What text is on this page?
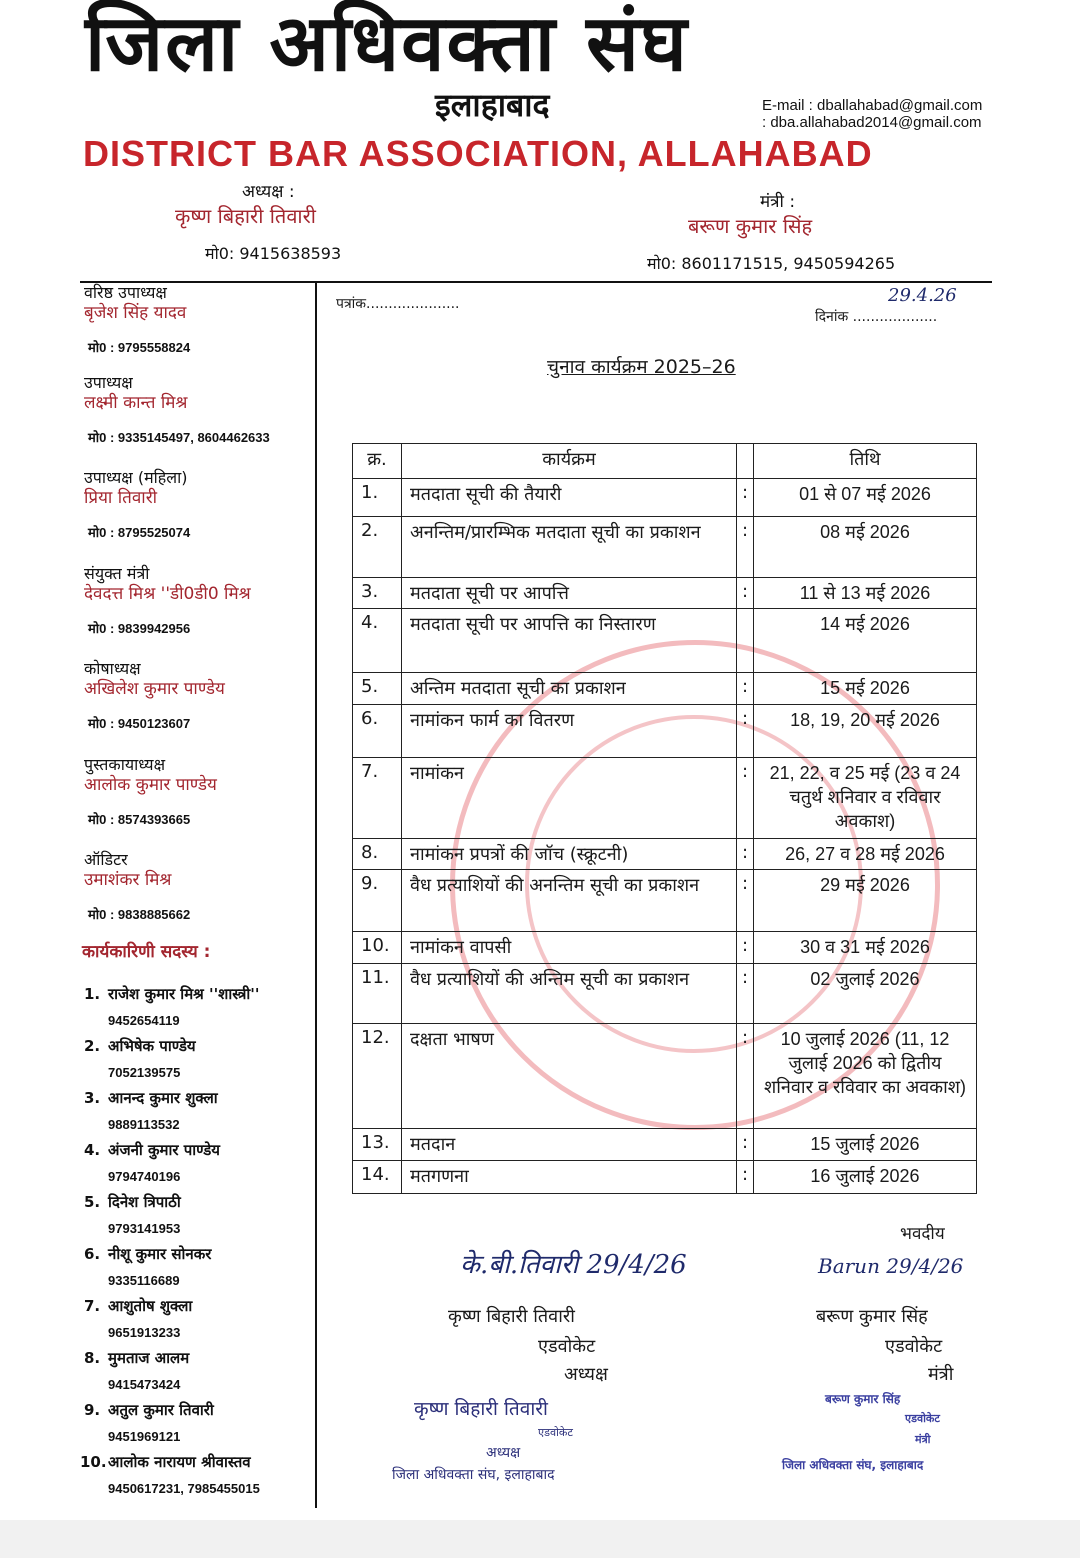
जिला अधिवक्ता संघ
इलाहाबाद	E-mail : dballahabad@gmail.com
: dba.allahabad2014@gmail.com
DISTRICT BAR ASSOCIATION, ALLAHABAD
अध्यक्ष :
कृष्ण बिहारी तिवारी
मो0: 9415638593
मंत्री :
बरूण कुमार सिंह
मो0: 8601171515, 9450594265
वरिष्ठ उपाध्यक्ष
बृजेश सिंह यादव
मो0 : 9795558824
उपाध्यक्ष
लक्ष्मी कान्त मिश्र
मो0 : 9335145497, 8604462633
उपाध्यक्ष (महिला)
प्रिया तिवारी
मो0 : 8795525074
संयुक्त मंत्री
देवदत्त मिश्र ''डी0डी0 मिश्र
मो0 : 9839942956
कोषाध्यक्ष
अखिलेश कुमार पाण्डेय
मो0 : 9450123607
पुस्तकायाध्यक्ष
आलोक कुमार पाण्डेय
मो0 : 8574393665
ऑडिटर
उमाशंकर मिश्र
मो0 : 9838885662
कार्यकारिणी सदस्य :
1. राजेश कुमार मिश्र ''शास्त्री''
9452654119
2. अभिषेक पाण्डेय
7052139575
3. आनन्द कुमार शुक्ला
9889113532
4. अंजनी कुमार पाण्डेय
9794740196
5. दिनेश त्रिपाठी
9793141953
6. नीशू कुमार सोनकर
9335116689
7. आशुतोष शुक्ला
9651913233
8. मुमताज आलम
9415473424
9. अतुल कुमार तिवारी
9451969121
10. आलोक नारायण श्रीवास्तव
9450617231, 7985455015
पत्रांक.....................
दिनांक ...................
29.4.26
चुनाव कार्यक्रम 2025–26
क्र.	कार्यक्रम		तिथि
1.	मतदाता सूची की तैयारी	:	01 से 07 मई 2026
2.	अनन्तिम/प्रारम्भिक मतदाता सूची का प्रकाशन	:	08 मई 2026
3.	मतदाता सूची पर आपत्ति	:	11 से 13 मई 2026
4.	मतदाता सूची पर आपत्ति का निस्तारण		14 मई 2026
5.	अन्तिम मतदाता सूची का प्रकाशन	:	15 मई 2026
6.	नामांकन फार्म का वितरण	:	18, 19, 20 मई 2026
7.	नामांकन	:	21, 22, व 25 मई (23 व 24 चतुर्थ शनिवार व रविवार अवकाश)
8.	नामांकन प्रपत्रों की जॉच (स्क्रूटनी)	:	26, 27 व 28 मई 2026
9.	वैध प्रत्याशियों की अनन्तिम सूची का प्रकाशन	:	29 मई 2026
10.	नामांकन वापसी	:	30 व 31 मई 2026
11.	वैध प्रत्याशियों की अन्तिम सूची का प्रकाशन	:	02 जुलाई 2026
12.	दक्षता भाषण	:	10 जुलाई 2026 (11, 12 जुलाई 2026 को द्वितीय शनिवार व रविवार का अवकाश)
13.	मतदान	:	15 जुलाई 2026
14.	मतगणना	:	16 जुलाई 2026
भवदीय
के.बी.तिवारी 29/4/26
कृष्ण बिहारी तिवारी
एडवोकेट
अध्यक्ष
कृष्ण बिहारी तिवारी
एडवोकेट
अध्यक्ष
जिला अधिवक्ता संघ, इलाहाबाद
Barun 29/4/26
बरूण कुमार सिंह
एडवोकेट
मंत्री
बरूण कुमार सिंह
एडवोकेट
मंत्री
जिला अधिवक्ता संघ, इलाहाबाद
